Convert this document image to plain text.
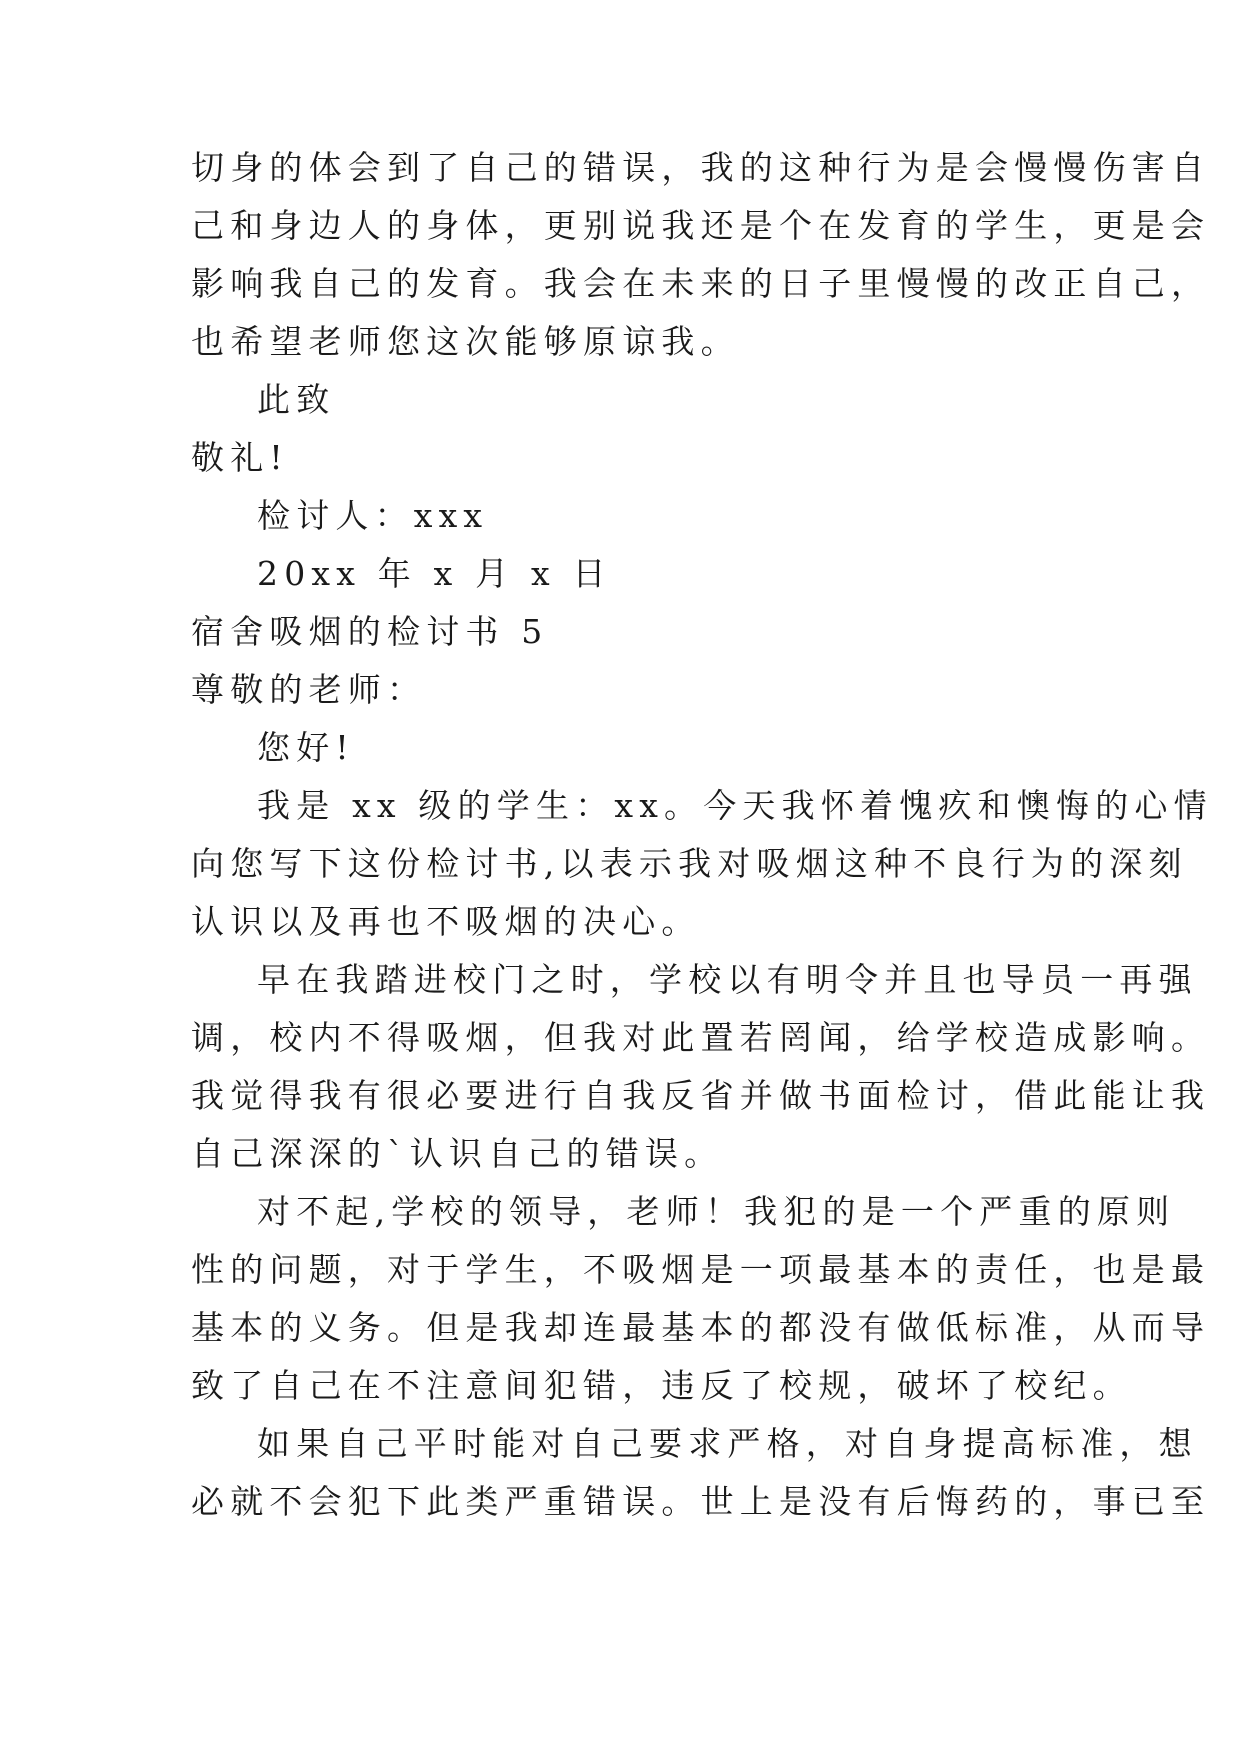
切身的体会到了自己的错误，我的这种行为是会慢慢伤害自

己和身边人的身体，更别说我还是个在发育的学生，更是会

影响我自己的发育。我会在未来的日子里慢慢的改正自己，

也希望老师您这次能够原谅我。

此致

敬礼!

检讨人：xxx

20xx 年 x 月 x 日

宿舍吸烟的检讨书 5

尊敬的老师：

您好!

我是 xx 级的学生：xx。今天我怀着愧疚和懊悔的心情

向您写下这份检讨书,以表示我对吸烟这种不良行为的深刻

认识以及再也不吸烟的决心。

早在我踏进校门之时，学校以有明令并且也导员一再强

调，校内不得吸烟，但我对此置若罔闻，给学校造成影响。

我觉得我有很必要进行自我反省并做书面检讨，借此能让我

自己深深的`认识自己的错误。

对不起,学校的领导，老师！我犯的是一个严重的原则

性的问题，对于学生，不吸烟是一项最基本的责任，也是最

基本的义务。但是我却连最基本的都没有做低标准，从而导

致了自己在不注意间犯错，违反了校规，破坏了校纪。

如果自己平时能对自己要求严格，对自身提高标准，想

必就不会犯下此类严重错误。世上是没有后悔药的，事已至
